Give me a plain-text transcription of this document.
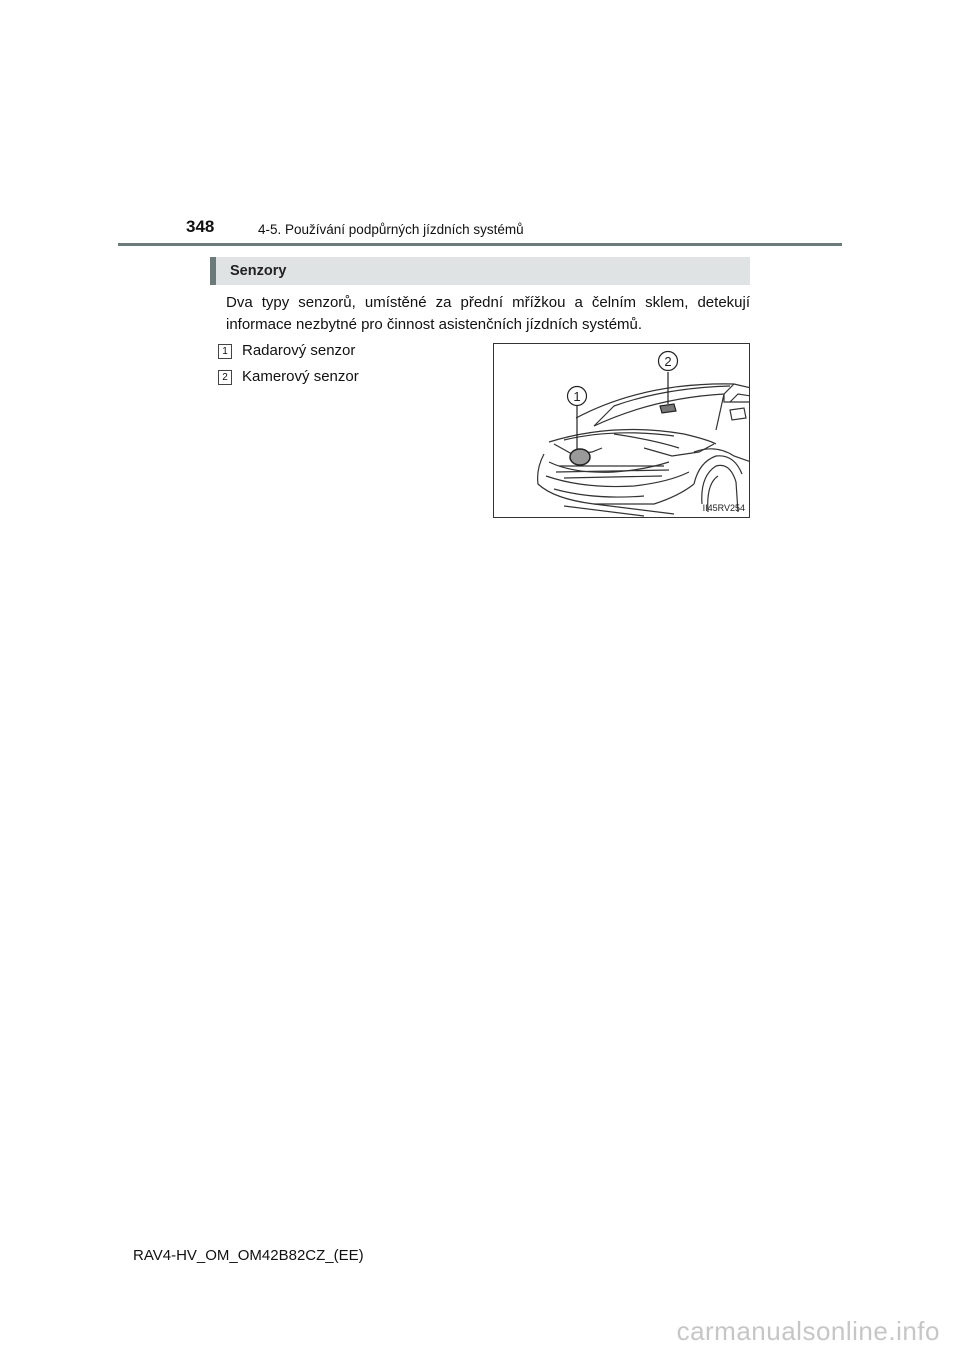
348	4-5. Používání podpůrných jízdních systémů
Senzory
Dva typy senzorů, umístěné za přední mřížkou a čelním sklem, detekují informace nezbytné pro činnost asistenčních jízdních systémů.
1 Radarový senzor
2 Kamerový senzor
1
2
II45RV254
RAV4-HV_OM_OM42B82CZ_(EE)
carmanualsonline.info
